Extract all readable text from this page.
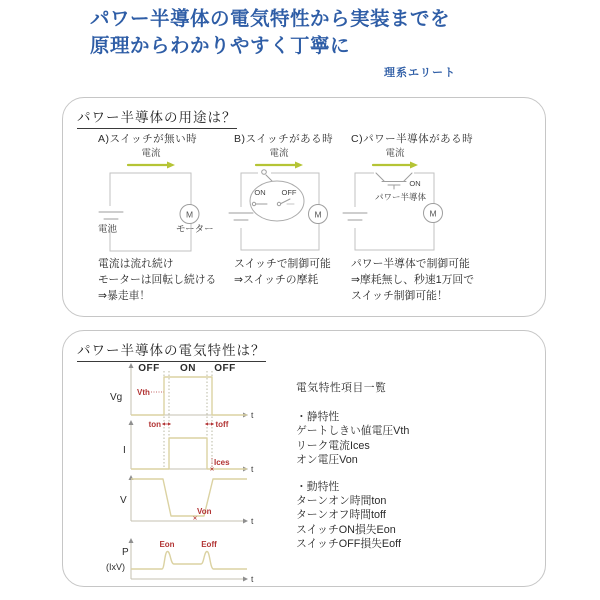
パワー半導体の電気特性から実装までを
原理からわかりやすく丁寧に
理系エリート
パワー半導体の用途は？
A)スイッチが無い時	B)スイッチがある時 C)パワー半導体がある時
電流
M
電池	モーター
電流
ON OFF
M
電流
ON
パワー半導体
M
電流は流れ続け
モーターは回転し続ける
⇒暴走車！
スイッチで制御可能
⇒スイッチの摩耗
パワー半導体で制御可能
⇒摩耗無し、秒速1万回で
スイッチ制御可能！
パワー半導体の電気特性は？
OFF ON OFF
t
t
t
t
Vg
I
V
P
(IxV)
Vth
ton	toff
Ices
Von
Eon	Eoff
電気特性項目一覧
・静特性
ゲートしきい値電圧Vth
リーク電流Ices
オン電圧Von
・動特性
ターンオン時間ton
ターンオフ時間toff
スイッチON損失Eon
スイッチOFF損失Eoff
